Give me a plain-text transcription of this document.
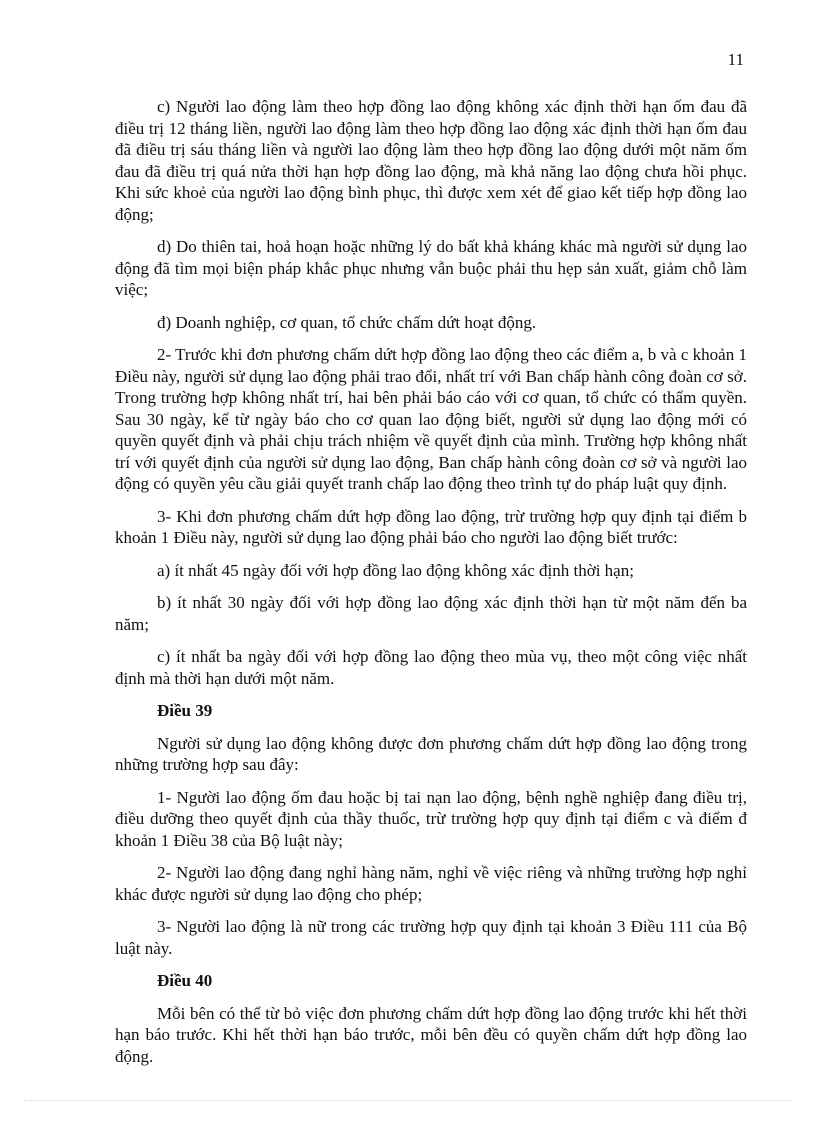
11

c) Người lao động làm theo hợp đồng lao động không xác định thời hạn ốm đau đã điều trị 12 tháng liền, người lao động làm theo hợp đồng lao động xác định thời hạn ốm đau đã điều trị sáu tháng liền và người lao động làm theo hợp đồng lao động dưới một năm ốm đau đã điều trị quá nửa thời hạn hợp đồng lao động, mà khả năng lao động chưa hồi phục. Khi sức khoẻ của người lao động bình phục, thì được xem xét để giao kết tiếp hợp đồng lao động;

d) Do thiên tai, hoả hoạn hoặc những lý do bất khả kháng khác mà người sử dụng lao động đã tìm mọi biện pháp khắc phục nhưng vẫn buộc phải thu hẹp sản xuất, giảm chỗ làm việc;

đ) Doanh nghiệp, cơ quan, tổ chức chấm dứt hoạt động.

2- Trước khi đơn phương chấm dứt hợp đồng lao động theo các điểm a, b và c khoản 1 Điều này, người sử dụng lao động phải trao đổi, nhất trí với Ban chấp hành công đoàn cơ sở. Trong trường hợp không nhất trí, hai bên phải báo cáo với cơ quan, tổ chức có thẩm quyền. Sau 30 ngày, kể từ ngày báo cho cơ quan lao động biết, người sử dụng lao động mới có quyền quyết định và phải chịu trách nhiệm về quyết định của mình. Trường hợp không nhất trí với quyết định của người sử dụng lao động, Ban chấp hành công đoàn cơ sở và người lao động có quyền yêu cầu giải quyết tranh chấp lao động theo trình tự do pháp luật quy định.

3- Khi đơn phương chấm dứt hợp đồng lao động, trừ trường hợp quy định tại điểm b khoản 1 Điều này, người sử dụng lao động phải báo cho người lao động biết trước:

a) ít nhất 45 ngày đối với hợp đồng lao động không xác định thời hạn;

b) ít nhất 30 ngày đối với hợp đồng lao động xác định thời hạn từ một năm đến ba năm;

c) ít nhất ba ngày đối với hợp đồng lao động theo mùa vụ, theo một công việc nhất định mà thời hạn dưới một năm.

Điều 39

Người sử dụng lao động không được đơn phương chấm dứt hợp đồng lao động trong những trường hợp sau đây:

1- Người lao động ốm đau hoặc bị tai nạn lao động, bệnh nghề nghiệp đang điều trị, điều dưỡng theo quyết định của thầy thuốc, trừ trường hợp quy định tại điểm c và điểm đ khoản 1 Điều 38 của Bộ luật này;

2- Người lao động đang nghỉ hàng năm, nghỉ về việc riêng và những trường hợp nghỉ khác được người sử dụng lao động cho phép;

3- Người lao động là nữ trong các trường hợp quy định tại khoản 3 Điều 111 của Bộ luật này.

Điều 40

Mỗi bên có thể từ bỏ việc đơn phương chấm dứt hợp đồng lao động trước khi hết thời hạn báo trước. Khi hết thời hạn báo trước, mỗi bên đều có quyền chấm dứt hợp đồng lao động.
